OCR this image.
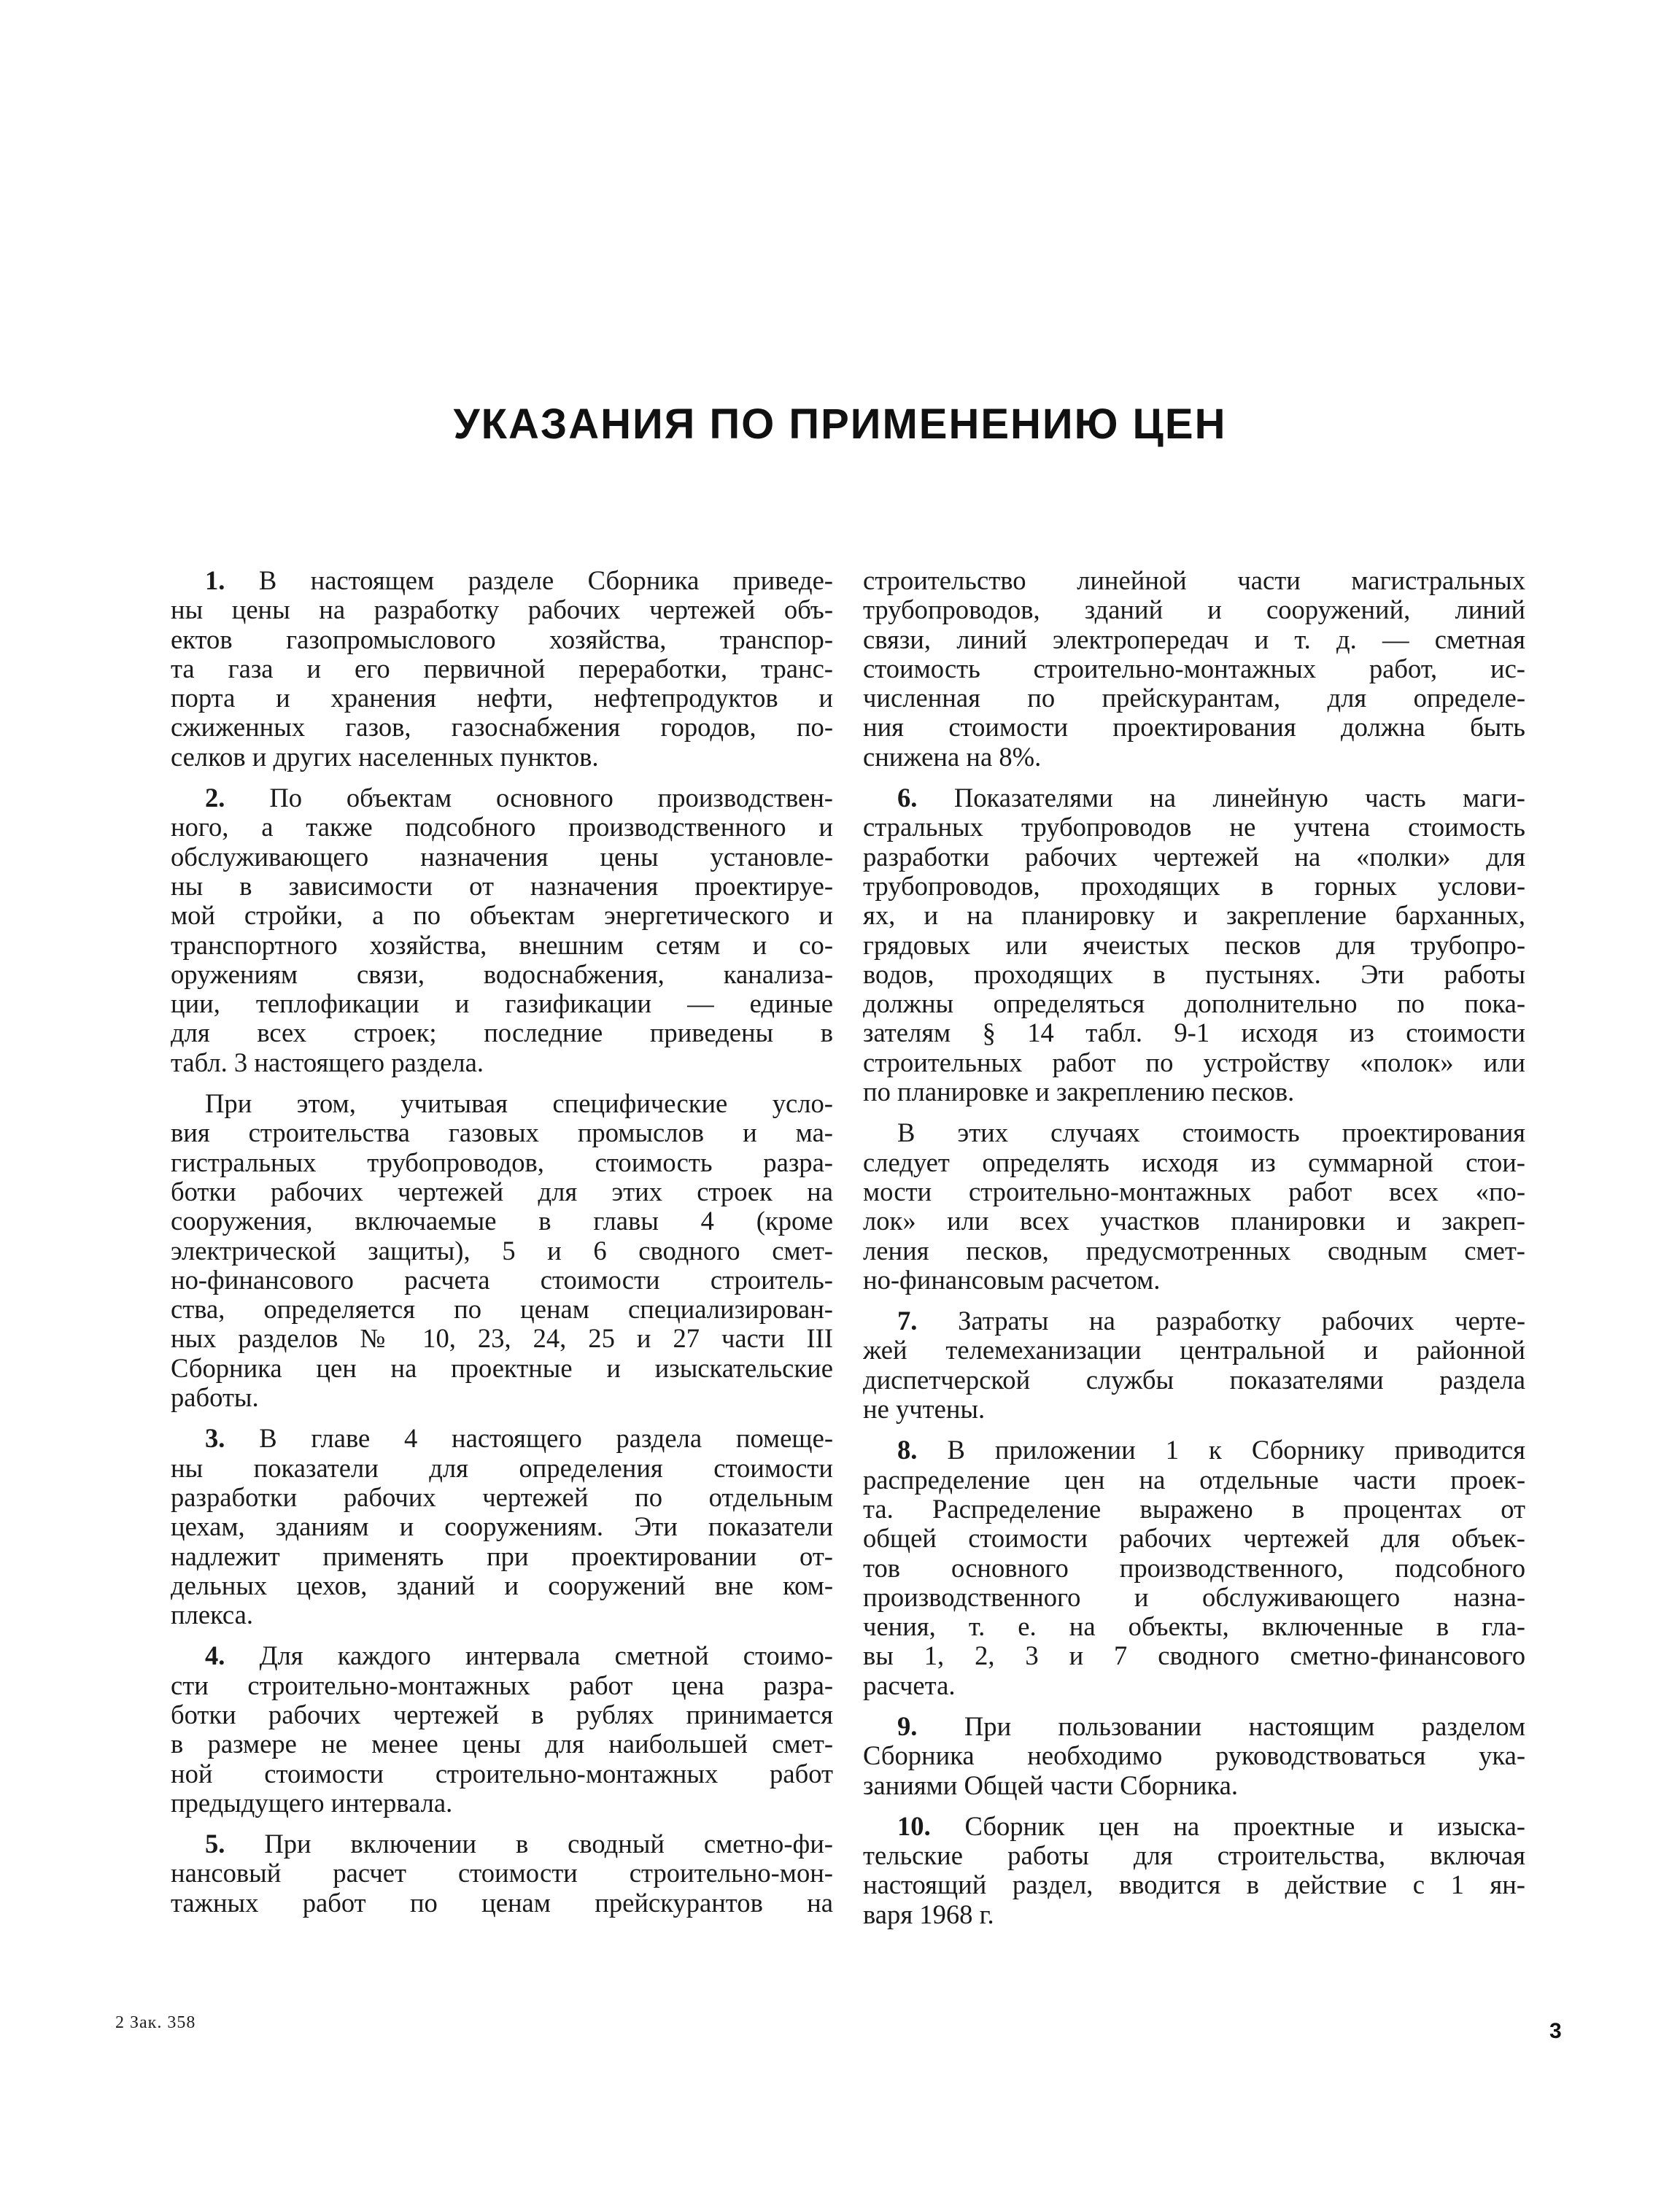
УКАЗАНИЯ ПО ПРИМЕНЕНИЮ ЦЕН
1. В настоящем разделе Сборника приведе-
ны цены на разработку рабочих чертежей объ-
ектов газопромыслового хозяйства, транспор-
та газа и его первичной переработки, транс-
порта и хранения нефти, нефтепродуктов и
сжиженных газов, газоснабжения городов, по-
селков и других населенных пунктов.
2. По объектам основного производствен-
ного, а также подсобного производственного и
обслуживающего назначения цены установле-
ны в зависимости от назначения проектируе-
мой стройки, а по объектам энергетического и
транспортного хозяйства, внешним сетям и со-
оружениям связи, водоснабжения, канализа-
ции, теплофикации и газификации — единые
для всех строек; последние приведены в
табл. 3 настоящего раздела.
При этом, учитывая специфические усло-
вия строительства газовых промыслов и ма-
гистральных трубопроводов, стоимость разра-
ботки рабочих чертежей для этих строек на
сооружения, включаемые в главы 4 (кроме
электрической защиты), 5 и 6 сводного смет-
но-финансового расчета стоимости строитель-
ства, определяется по ценам специализирован-
ных разделов № 10, 23, 24, 25 и 27 части III
Сборника цен на проектные и изыскательские
работы.
3. В главе 4 настоящего раздела помеще-
ны показатели для определения стоимости
разработки рабочих чертежей по отдельным
цехам, зданиям и сооружениям. Эти показатели
надлежит применять при проектировании от-
дельных цехов, зданий и сооружений вне ком-
плекса.
4. Для каждого интервала сметной стоимо-
сти строительно-монтажных работ цена разра-
ботки рабочих чертежей в рублях принимается
в размере не менее цены для наибольшей смет-
ной стоимости строительно-монтажных работ
предыдущего интервала.
5. При включении в сводный сметно-фи-
нансовый расчет стоимости строительно-мон-
тажных работ по ценам прейскурантов на
строительство линейной части магистральных
трубопроводов, зданий и сооружений, линий
связи, линий электропередач и т. д. — сметная
стоимость строительно-монтажных работ, ис-
численная по прейскурантам, для определе-
ния стоимости проектирования должна быть
снижена на 8%.
6. Показателями на линейную часть маги-
стральных трубопроводов не учтена стоимость
разработки рабочих чертежей на «полки» для
трубопроводов, проходящих в горных услови-
ях, и на планировку и закрепление барханных,
грядовых или ячеистых песков для трубопро-
водов, проходящих в пустынях. Эти работы
должны определяться дополнительно по пока-
зателям § 14 табл. 9-1 исходя из стоимости
строительных работ по устройству «полок» или
по планировке и закреплению песков.
В этих случаях стоимость проектирования
следует определять исходя из суммарной стои-
мости строительно-монтажных работ всех «по-
лок» или всех участков планировки и закреп-
ления песков, предусмотренных сводным смет-
но-финансовым расчетом.
7. Затраты на разработку рабочих черте-
жей телемеханизации центральной и районной
диспетчерской службы показателями раздела
не учтены.
8. В приложении 1 к Сборнику приводится
распределение цен на отдельные части проек-
та. Распределение выражено в процентах от
общей стоимости рабочих чертежей для объек-
тов основного производственного, подсобного
производственного и обслуживающего назна-
чения, т. е. на объекты, включенные в гла-
вы 1, 2, 3 и 7 сводного сметно-финансового
расчета.
9. При пользовании настоящим разделом
Сборника необходимо руководствоваться ука-
заниями Общей части Сборника.
10. Сборник цен на проектные и изыска-
тельские работы для строительства, включая
настоящий раздел, вводится в действие с 1 ян-
варя 1968 г.
2 Зак. 358	3
